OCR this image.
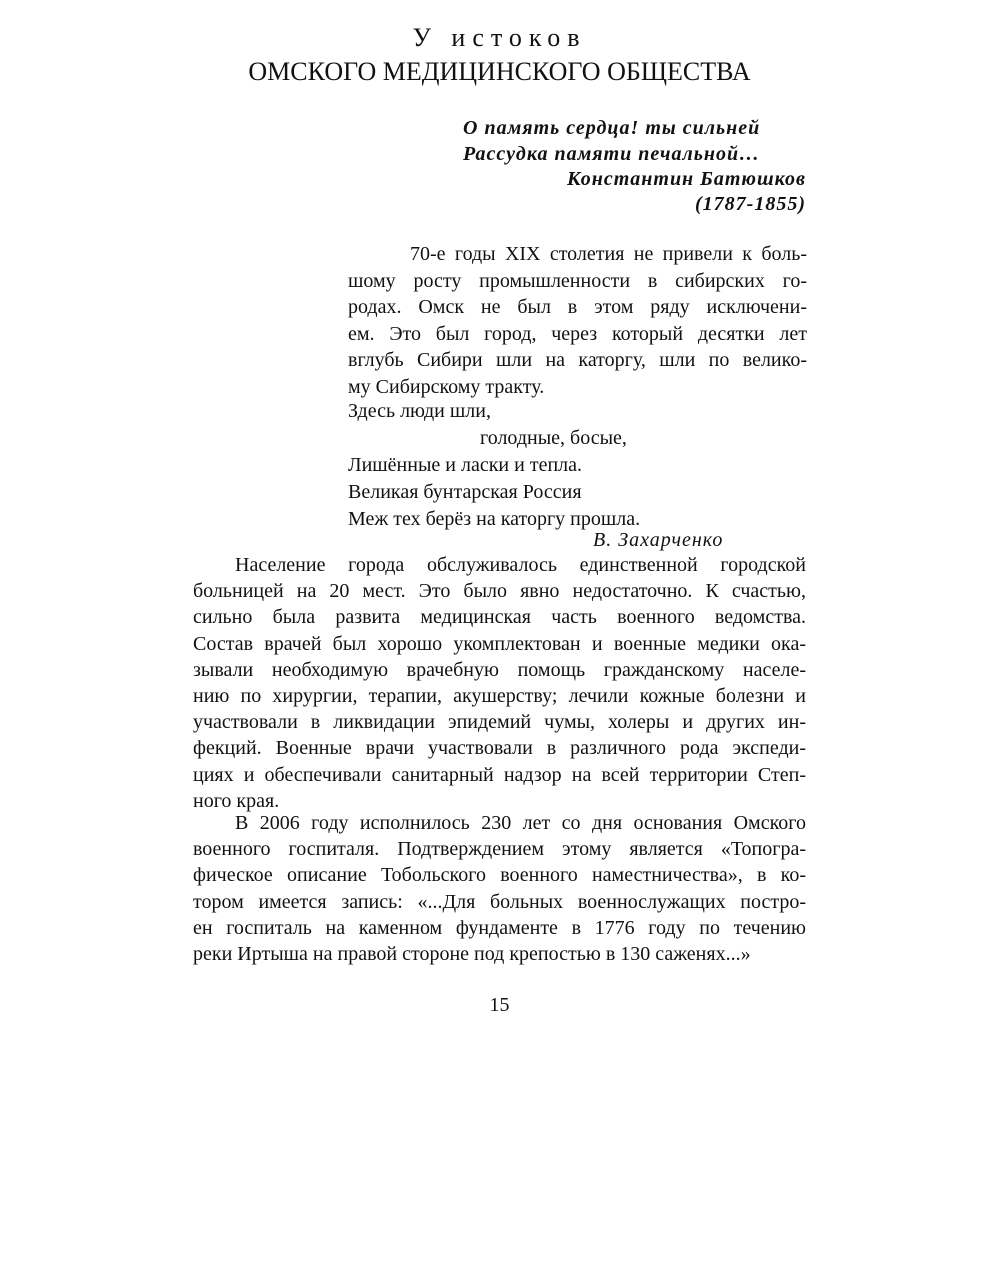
У истоков
ОМСКОГО МЕДИЦИНСКОГО ОБЩЕСТВА
О память сердца! ты сильней
Рассудка памяти печальной…
Константин Батюшков
(1787-1855)
70-е годы XIX столетия не привели к боль-
шому росту промышленности в сибирских го-
родах. Омск не был в этом ряду исключени-
ем. Это был город, через который десятки лет
вглубь Сибири шли на каторгу, шли по велико-
му Сибирскому тракту.
Здесь люди шли,
голодные, босые,
Лишённые и ласки и тепла.
Великая бунтарская Россия
Меж тех берёз на каторгу прошла.
В. Захарченко
Население города обслуживалось единственной городской
больницей на 20 мест. Это было явно недостаточно. К счастью,
сильно была развита медицинская часть военного ведомства.
Состав врачей был хорошо укомплектован и военные медики ока-
зывали необходимую врачебную помощь гражданскому населе-
нию по хирургии, терапии, акушерству; лечили кожные болезни и
участвовали в ликвидации эпидемий чумы, холеры и других ин-
фекций. Военные врачи участвовали в различного рода экспеди-
циях и обеспечивали санитарный надзор на всей территории Степ-
ного края.
В 2006 году исполнилось 230 лет со дня основания Омского
военного госпиталя. Подтверждением этому является «Топогра-
фическое описание Тобольского военного наместничества», в ко-
тором имеется запись: «...Для больных военнослужащих постро-
ен госпиталь на каменном фундаменте в 1776 году по течению
реки Иртыша на правой стороне под крепостью в 130 саженях...»
15
